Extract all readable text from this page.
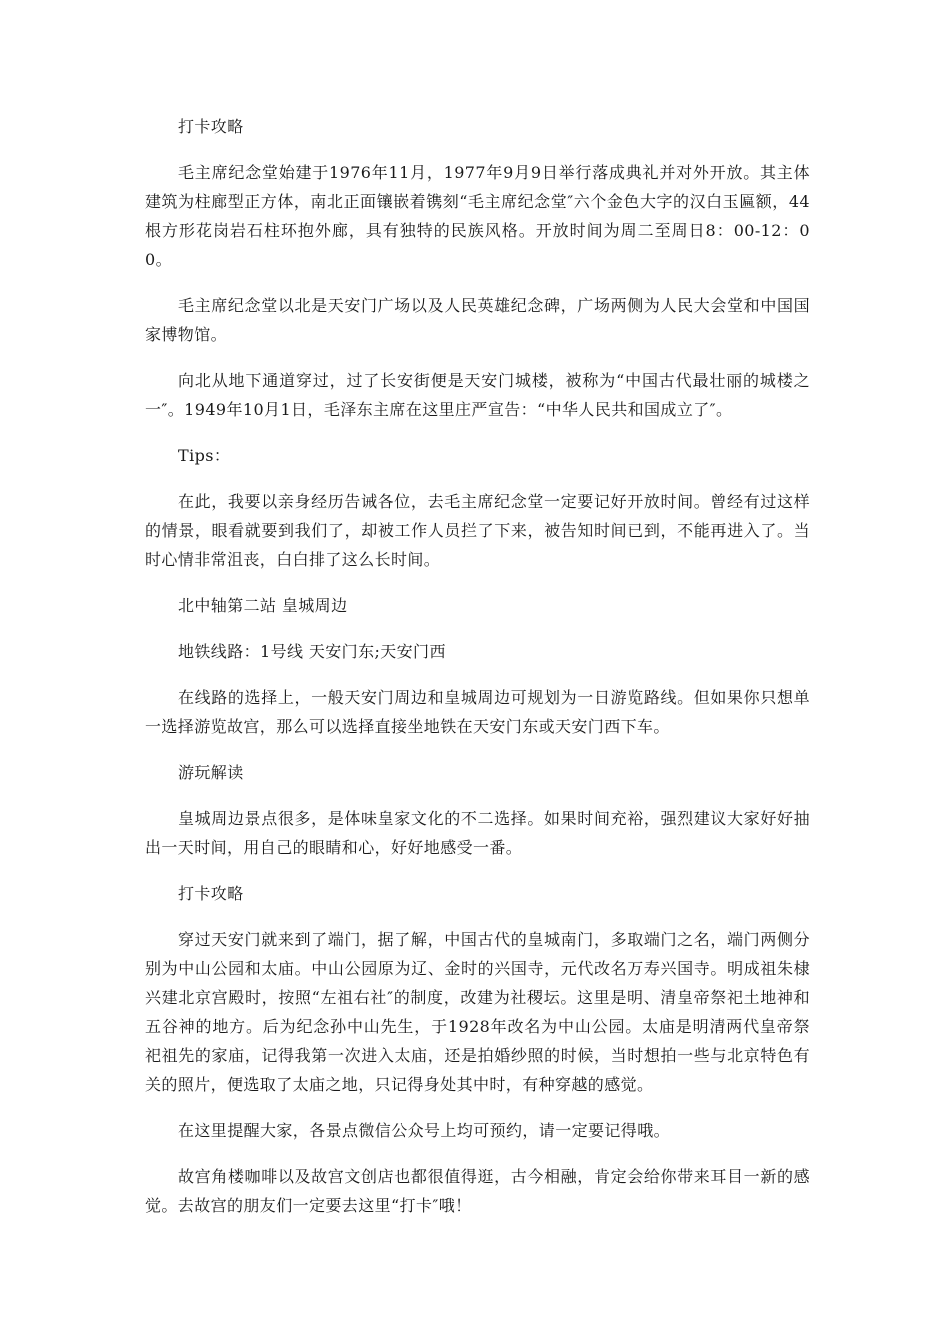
打卡攻略

毛主席纪念堂始建于1976年11月，1977年9月9日举行落成典礼并对外开放。其主体建筑为柱廊型正方体，南北正面镶嵌着镌刻“毛主席纪念堂″六个金色大字的汉白玉匾额，44根方形花岗岩石柱环抱外廊，具有独特的民族风格。开放时间为周二至周日8：00-12：00。

毛主席纪念堂以北是天安门广场以及人民英雄纪念碑，广场两侧为人民大会堂和中国国家博物馆。

向北从地下通道穿过，过了长安街便是天安门城楼，被称为“中国古代最壮丽的城楼之一″。1949年10月1日，毛泽东主席在这里庄严宣告：“中华人民共和国成立了″。

Tips：

在此，我要以亲身经历告诫各位，去毛主席纪念堂一定要记好开放时间。曾经有过这样的情景，眼看就要到我们了，却被工作人员拦了下来，被告知时间已到，不能再进入了。当时心情非常沮丧，白白排了这么长时间。

北中轴第二站 皇城周边

地铁线路：1号线 天安门东;天安门西

在线路的选择上，一般天安门周边和皇城周边可规划为一日游览路线。但如果你只想单一选择游览故宫，那么可以选择直接坐地铁在天安门东或天安门西下车。

游玩解读

皇城周边景点很多，是体味皇家文化的不二选择。如果时间充裕，强烈建议大家好好抽出一天时间，用自己的眼睛和心，好好地感受一番。

打卡攻略

穿过天安门就来到了端门，据了解，中国古代的皇城南门，多取端门之名，端门两侧分别为中山公园和太庙。中山公园原为辽、金时的兴国寺，元代改名万寿兴国寺。明成祖朱棣兴建北京宫殿时，按照“左祖右社″的制度，改建为社稷坛。这里是明、清皇帝祭祀土地神和五谷神的地方。后为纪念孙中山先生，于1928年改名为中山公园。太庙是明清两代皇帝祭祀祖先的家庙，记得我第一次进入太庙，还是拍婚纱照的时候，当时想拍一些与北京特色有关的照片，便选取了太庙之地，只记得身处其中时，有种穿越的感觉。

在这里提醒大家，各景点微信公众号上均可预约，请一定要记得哦。

故宫角楼咖啡以及故宫文创店也都很值得逛，古今相融，肯定会给你带来耳目一新的感觉。去故宫的朋友们一定要去这里“打卡″哦！
